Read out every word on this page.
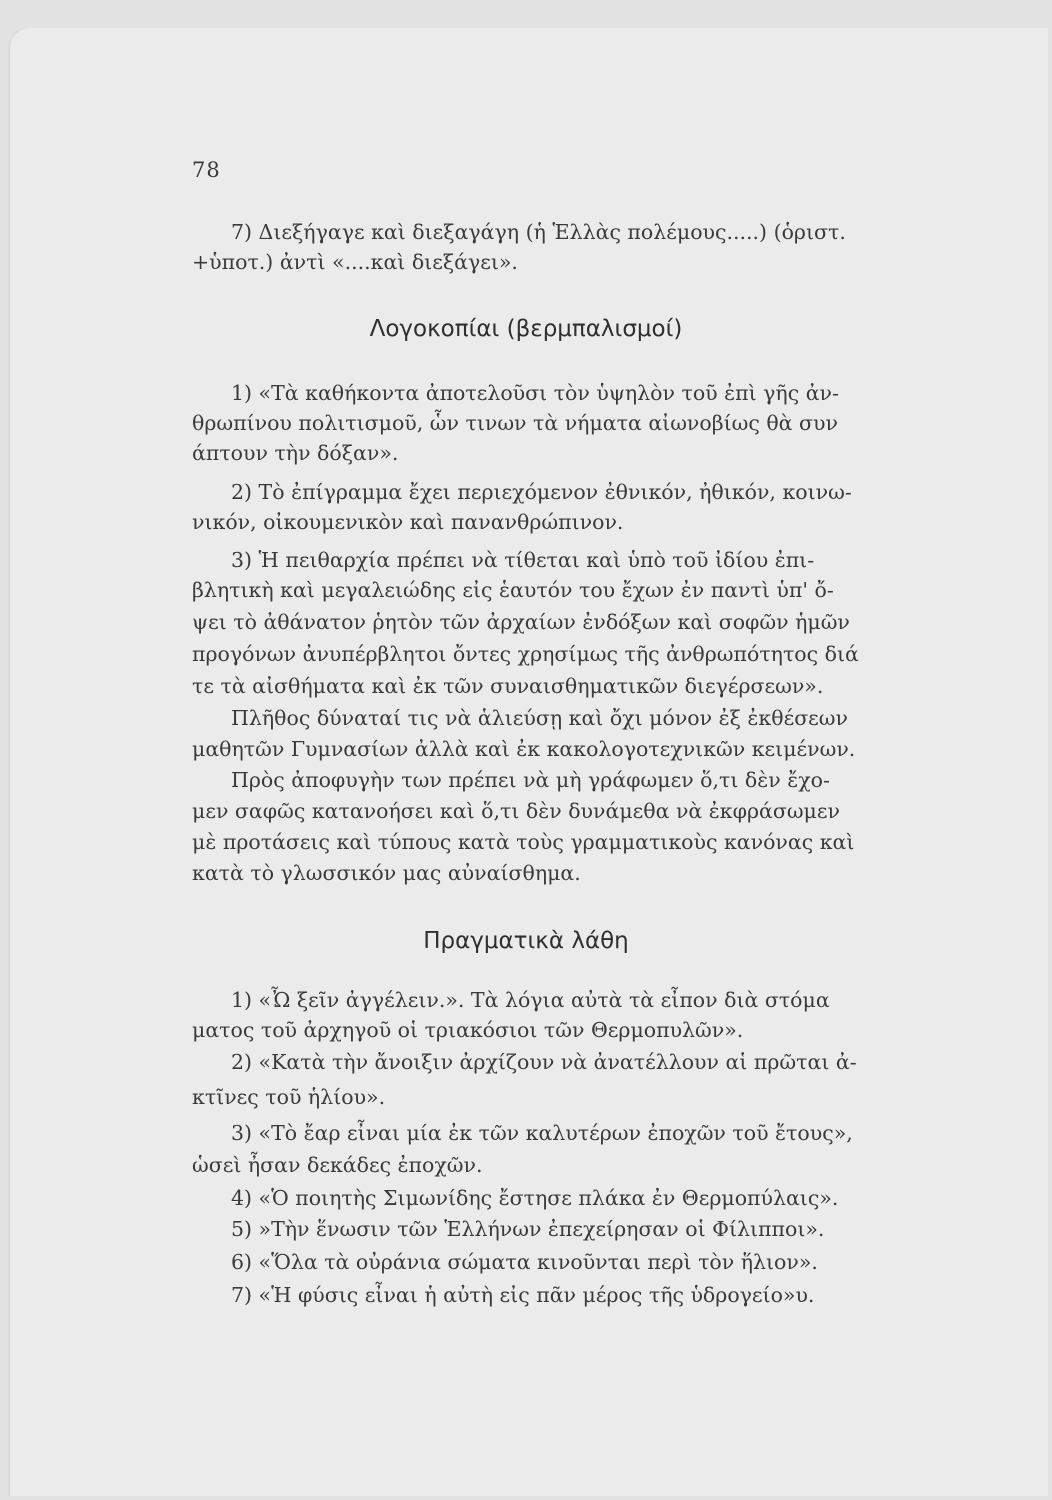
78
7) Διεξήγαγε καὶ διεξαγάγη (ἡ Ἑλλὰς πολέμους.....) (ὁριστ.
+ὑποτ.) ἀντὶ «....καὶ διεξάγει».
Λογοκοπίαι (βερμπαλισμοί)
1) «Τὰ καθήκοντα ἀποτελοῦσι τὸν ὑψηλὸν τοῦ ἐπὶ γῆς ἀν-
θρωπίνου πολιτισμοῦ, ὧν τινων τὰ νήματα αἰωνοβίως θὰ συν
άπτουν τὴν δόξαν».
2) Τὸ ἐπίγραμμα ἔχει περιεχόμενον ἐθνικόν, ἠθικόν, κοινω-
νικόν, οἰκουμενικὸν καὶ πανανθρώπινον.
3) Ἡ πειθαρχία πρέπει νὰ τίθεται καὶ ὑπὸ τοῦ ἰδίου ἐπι-
βλητικὴ καὶ μεγαλειώδης εἰς ἑαυτόν του ἔχων ἐν παντὶ ὑπ' ὄ-
ψει τὸ ἀθάνατον ῥητὸν τῶν ἀρχαίων ἐνδόξων καὶ σοφῶν ἡμῶν
προγόνων ἀνυπέρβλητοι ὄντες χρησίμως τῆς ἀνθρωπότητος διά
τε τὰ αἰσθήματα καὶ ἐκ τῶν συναισθηματικῶν διεγέρσεων».
Πλῆθος δύναταί τις νὰ ἁλιεύσῃ καὶ ὄχι μόνον ἐξ ἐκθέσεων
μαθητῶν Γυμνασίων ἀλλὰ καὶ ἐκ κακολογοτεχνικῶν κειμένων.
Πρὸς ἀποφυγὴν των πρέπει νὰ μὴ γράφωμεν ὅ,τι δὲν ἔχο-
μεν σαφῶς κατανοήσει καὶ ὅ,τι δὲν δυνάμεθα νὰ ἐκφράσωμεν
μὲ προτάσεις καὶ τύπους κατὰ τοὺς γραμματικοὺς κανόνας καὶ
κατὰ τὸ γλωσσικόν μας αὐναίσθημα.
Πραγματικὰ λάθη
1) «Ὦ ξεῖν ἀγγέλειν.». Τὰ λόγια αὐτὰ τὰ εἶπον διὰ στόμα
ματος τοῦ ἀρχηγοῦ οἱ τριακόσιοι τῶν Θερμοπυλῶν».
2) «Κατὰ τὴν ἄνοιξιν ἀρχίζουν νὰ ἀνατέλλουν αἱ πρῶται ἀ-
κτῖνες τοῦ ἡλίου».
3) «Τὸ ἔαρ εἶναι μία ἐκ τῶν καλυτέρων ἐποχῶν τοῦ ἔτους»,
ὡσεὶ ἦσαν δεκάδες ἐποχῶν.
4) «Ὁ ποιητὴς Σιμωνίδης ἔστησε πλάκα ἐν Θερμοπύλαις».
5) »Τὴν ἕνωσιν τῶν Ἑλλήνων ἐπεχείρησαν οἱ Φίλιπποι».
6) «Ὅλα τὰ οὐράνια σώματα κινοῦνται περὶ τὸν ἥλιον».
7) «Ἡ φύσις εἶναι ἡ αὐτὴ εἰς πᾶν μέρος τῆς ὑδρογείο»υ.
